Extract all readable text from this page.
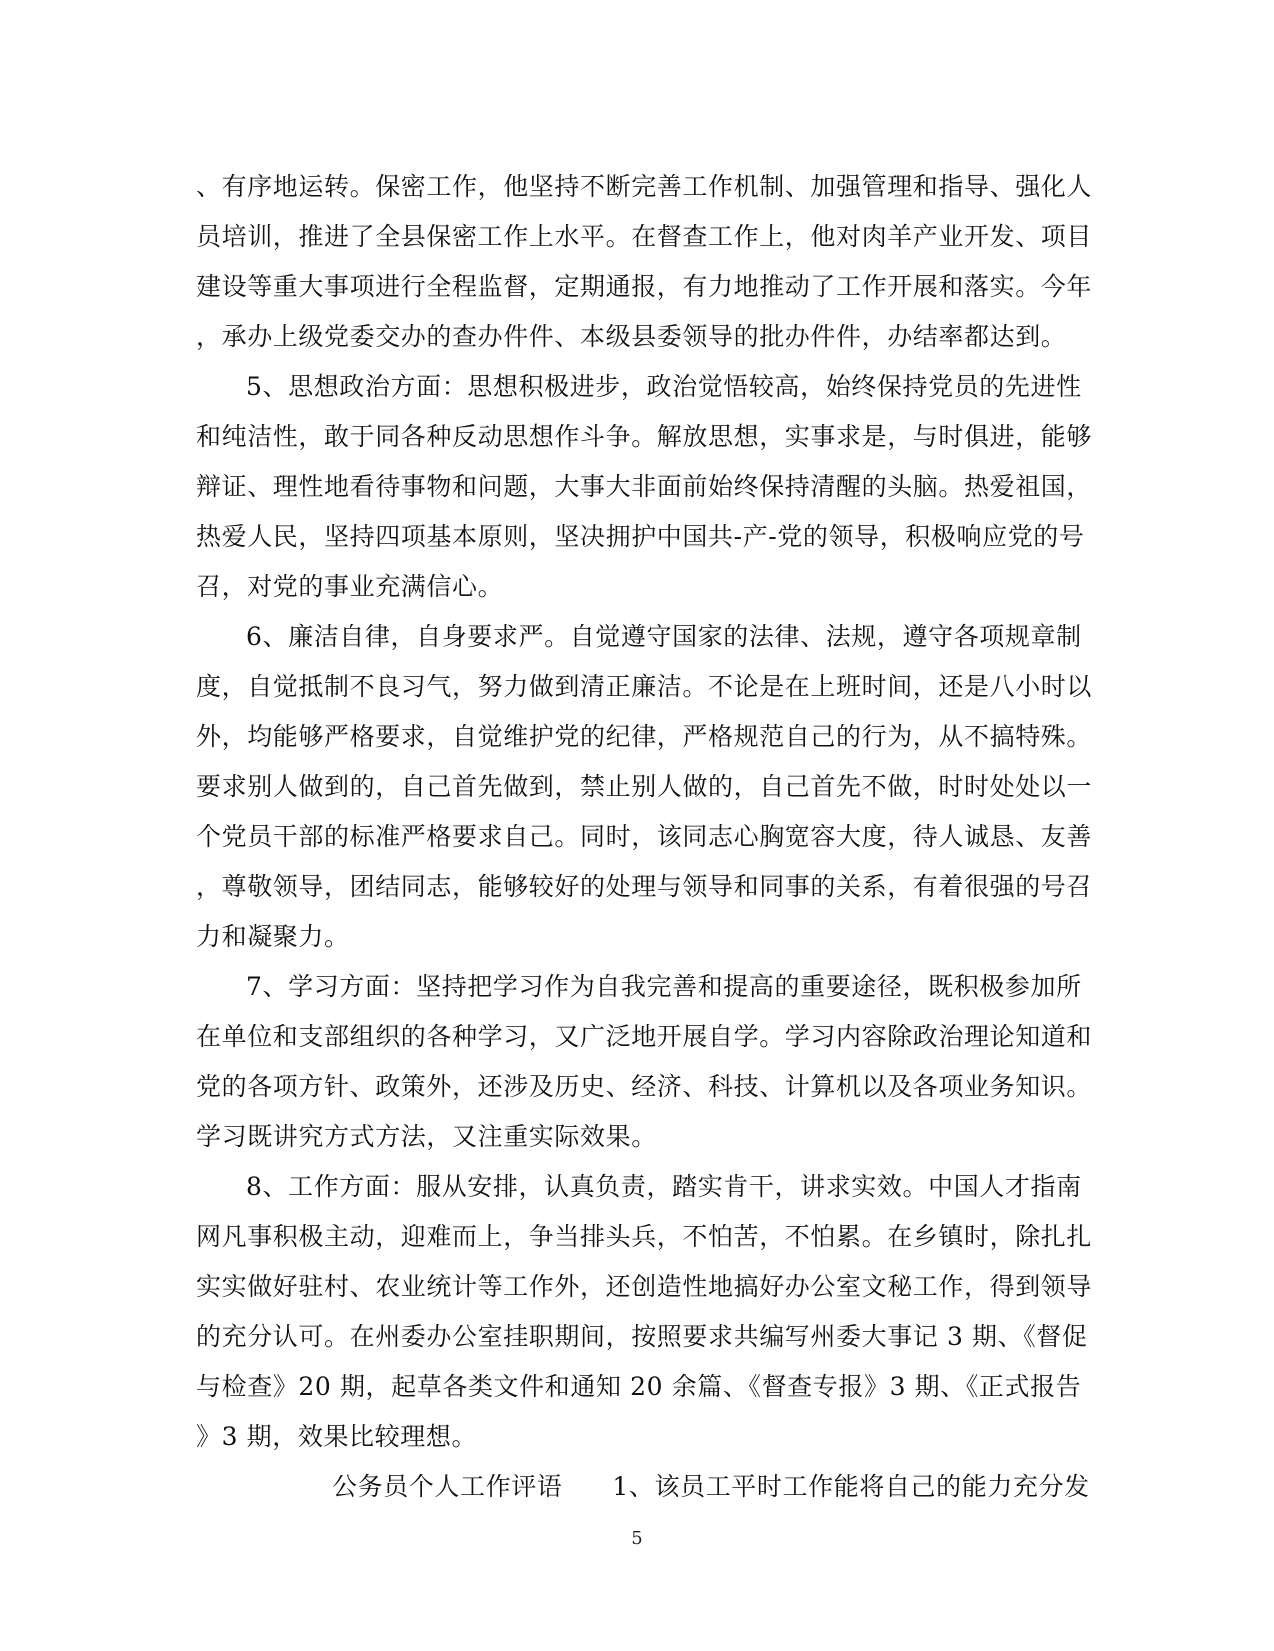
、有序地运转。保密工作，他坚持不断完善工作机制、加强管理和指导、强化人
员培训，推进了全县保密工作上水平。在督查工作上，他对肉羊产业开发、项目
建设等重大事项进行全程监督，定期通报，有力地推动了工作开展和落实。今年
，承办上级党委交办的查办件件、本级县委领导的批办件件，办结率都达到。
5、思想政治方面：思想积极进步，政治觉悟较高，始终保持党员的先进性
和纯洁性，敢于同各种反动思想作斗争。解放思想，实事求是，与时俱进，能够
辩证、理性地看待事物和问题，大事大非面前始终保持清醒的头脑。热爱祖国，
热爱人民，坚持四项基本原则，坚决拥护中国共-产-党的领导，积极响应党的号
召，对党的事业充满信心。
6、廉洁自律，自身要求严。自觉遵守国家的法律、法规，遵守各项规章制
度，自觉抵制不良习气，努力做到清正廉洁。不论是在上班时间，还是八小时以
外，均能够严格要求，自觉维护党的纪律，严格规范自己的行为，从不搞特殊。
要求别人做到的，自己首先做到，禁止别人做的，自己首先不做，时时处处以一
个党员干部的标准严格要求自己。同时，该同志心胸宽容大度，待人诚恳、友善
，尊敬领导，团结同志，能够较好的处理与领导和同事的关系，有着很强的号召
力和凝聚力。
7、学习方面：坚持把学习作为自我完善和提高的重要途径，既积极参加所
在单位和支部组织的各种学习，又广泛地开展自学。学习内容除政治理论知道和
党的各项方针、政策外，还涉及历史、经济、科技、计算机以及各项业务知识。
学习既讲究方式方法，又注重实际效果。
8、工作方面：服从安排，认真负责，踏实肯干，讲求实效。中国人才指南
网凡事积极主动，迎难而上，争当排头兵，不怕苦，不怕累。在乡镇时，除扎扎
实实做好驻村、农业统计等工作外，还创造性地搞好办公室文秘工作，得到领导
的充分认可。在州委办公室挂职期间，按照要求共编写州委大事记 3 期、《督促
与检查》20 期，起草各类文件和通知 20 余篇、《督查专报》3 期、《正式报告
》3 期，效果比较理想。
公务员个人工作评语 1、该员工平时工作能将自己的能力充分发
5
